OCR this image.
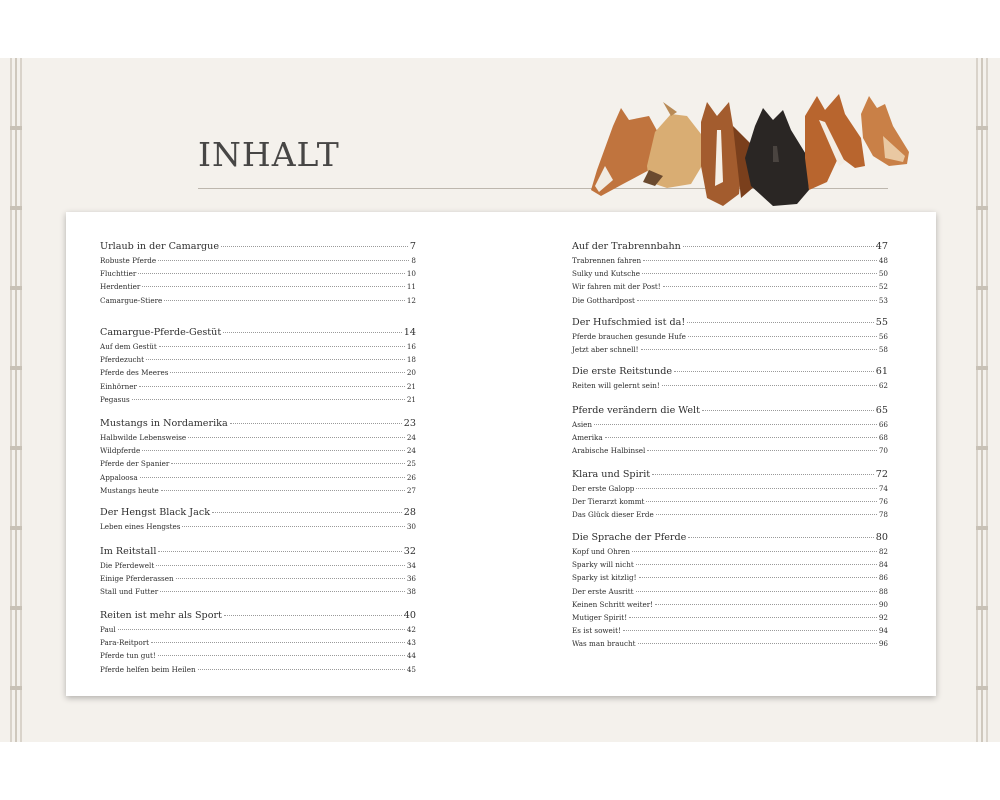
INHALT
Urlaub in der Camargue	7
Robuste Pferde	8
Fluchttier	10
Herdentier	11
Camargue-Stiere	12
Camargue-Pferde-Gestüt	14
Auf dem Gestüt	16
Pferdezucht	18
Pferde des Meeres	20
Einhörner	21
Pegasus	21
Mustangs in Nordamerika	23
Halbwilde Lebensweise	24
Wildpferde	24
Pferde der Spanier	25
Appaloosa	26
Mustangs heute	27
Der Hengst Black Jack	28
Leben eines Hengstes	30
Im Reitstall	32
Die Pferdewelt	34
Einige Pferderassen	36
Stall und Futter	38
Reiten ist mehr als Sport	40
Paul	42
Para-Reitport	43
Pferde tun gut!	44
Pferde helfen beim Heilen	45
Auf der Trabrennbahn	47
Trabrennen fahren	48
Sulky und Kutsche	50
Wir fahren mit der Post!	52
Die Gotthardpost	53
Der Hufschmied ist da!	55
Pferde brauchen gesunde Hufe	56
Jetzt aber schnell!	58
Die erste Reitstunde	61
Reiten will gelernt sein!	62
Pferde verändern die Welt	65
Asien	66
Amerika	68
Arabische Halbinsel	70
Klara und Spirit	72
Der erste Galopp	74
Der Tierarzt kommt	76
Das Glück dieser Erde	78
Die Sprache der Pferde	80
Kopf und Ohren	82
Sparky will nicht	84
Sparky ist kitzlig!	86
Der erste Ausritt	88
Keinen Schritt weiter!	90
Mutiger Spirit!	92
Es ist soweit!	94
Was man braucht	96
